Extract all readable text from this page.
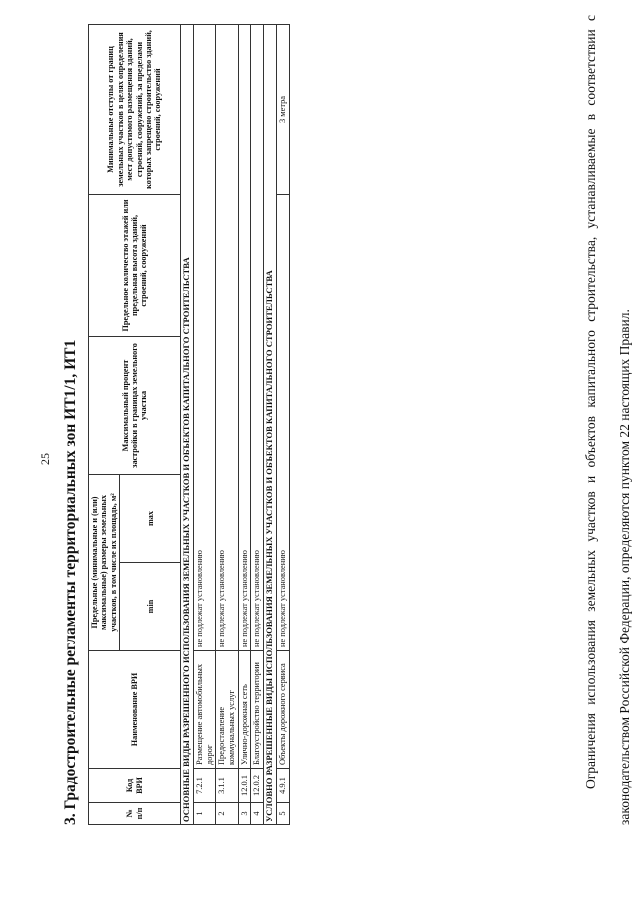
25 3. Градостроительные регламенты территориальных зон ИТ1/1, ИТ1	№ п/п	Код ВРИ	Наименование ВРИ	Предельные (минимальные и (или) максимальные) размеры земельных участков, в том числе их площадь, м²		Максимальный процент застройки в границах земельного участка	Предельное количество этажей или предельная высота зданий, строений, сооружений	Минимальные отступы от границ земельных участков в целях определения мест допустимого размещения зданий, строений, сооружений, за пределами которых запрещено строительство зданий, строений, сооружений
			min	max			
ОСНОВНЫЕ ВИДЫ РАЗРЕШЕННОГО ИСПОЛЬЗОВАНИЯ ЗЕМЕЛЬНЫХ УЧАСТКОВ И ОБЪЕКТОВ КАПИТАЛЬНОГО СТРОИТЕЛЬСТВА							
1	7.2.1	Размещение автомобильных дорог	не подлежат установлению				
2	3.1.1	Предоставление коммунальных услуг	не подлежат установлению				
3	12.0.1	Улично-дорожная сеть	не подлежат установлению				
4	12.0.2	Благоустройство территории	не подлежат установлению				
УСЛОВНО РАЗРЕШЕННЫЕ ВИДЫ ИСПОЛЬЗОВАНИЯ ЗЕМЕЛЬНЫХ УЧАСТКОВ И ОБЪЕКТОВ КАПИТАЛЬНОГО СТРОИТЕЛЬСТВА							
5	4.9.1	Объекты дорожного сервиса	не подлежат установлению				3 метра	Ограничения использования земельных участков и объектов капитального строительства, устанавливаемые в соответствии с законодательством Российской Федерации, определяются пунктом 22 настоящих Правил.
